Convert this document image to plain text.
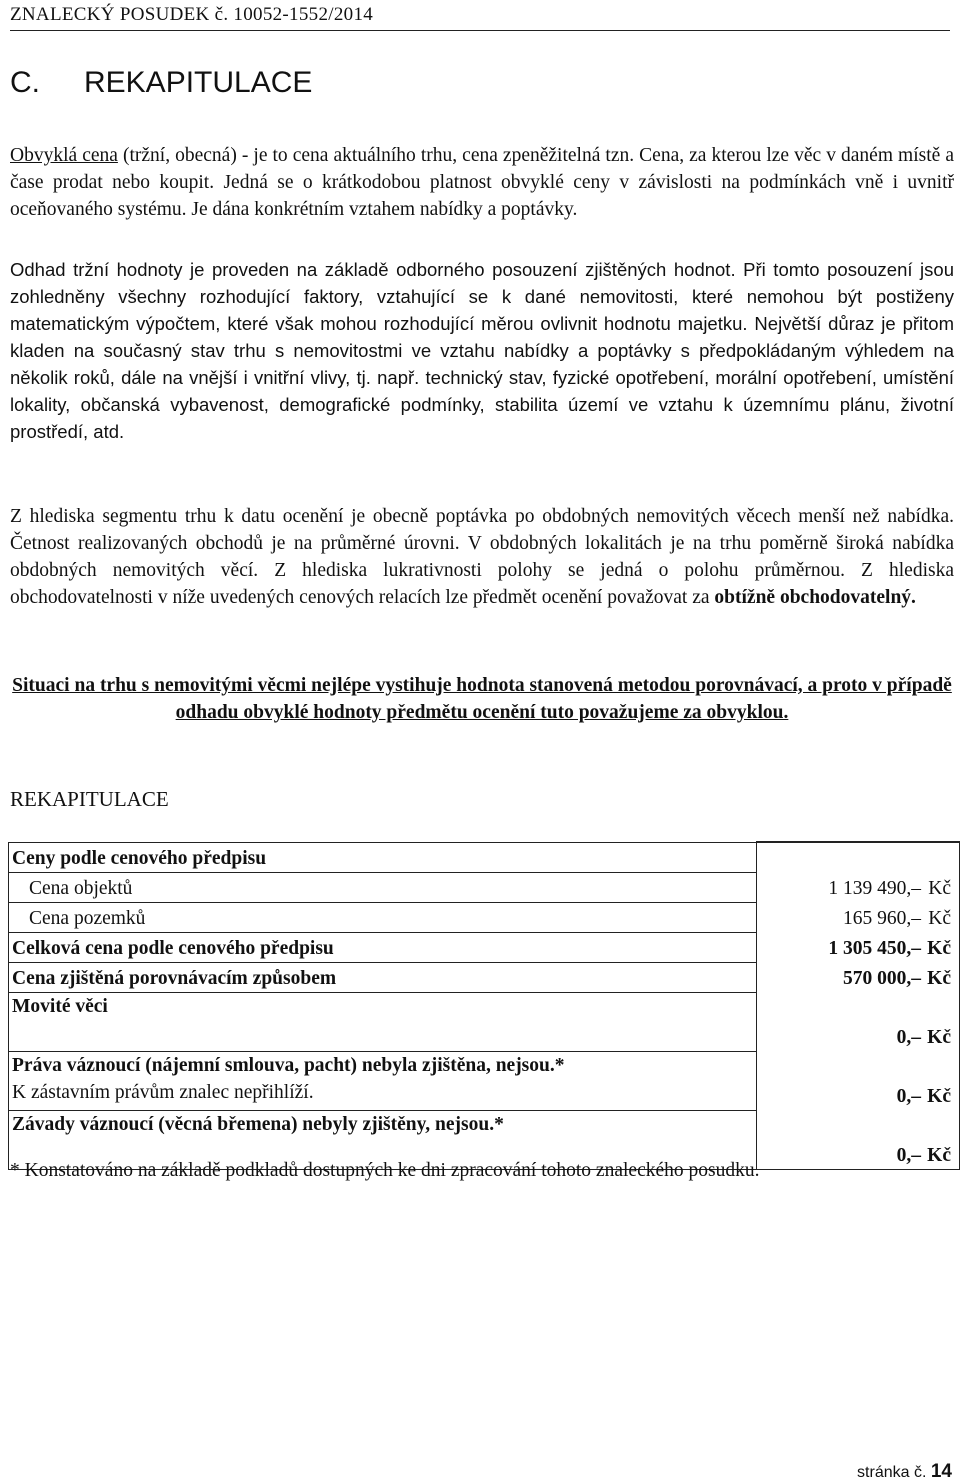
ZNALECKÝ POSUDEK č. 10052-1552/2014
C. REKAPITULACE

Obvyklá cena (tržní, obecná) - je to cena aktuálního trhu, cena zpeněžitelná tzn. Cena, za kterou lze věc v daném místě a čase prodat nebo koupit. Jedná se o krátkodobou platnost obvyklé ceny v závislosti na podmínkách vně i uvnitř oceňovaného systému. Je dána konkrétním vztahem nabídky a poptávky.

Odhad tržní hodnoty je proveden na základě odborného posouzení zjištěných hodnot. Při tomto posouzení jsou zohledněny všechny rozhodující faktory, vztahující se k dané nemovitosti, které nemohou být postiženy matematickým výpočtem, které však mohou rozhodující měrou ovlivnit hodnotu majetku. Největší důraz je přitom kladen na současný stav trhu s nemovitostmi ve vztahu nabídky a poptávky s předpokládaným výhledem na několik roků, dále na vnější i vnitřní vlivy, tj. např. technický stav, fyzické opotřebení, morální opotřebení, umístění lokality, občanská vybavenost, demografické podmínky, stabilita území ve vztahu k územnímu plánu, životní prostředí, atd.

Z hlediska segmentu trhu k datu ocenění je obecně poptávka po obdobných nemovitých věcech menší než nabídka. Četnost realizovaných obchodů je na průměrné úrovni. V obdobných lokalitách je na trhu poměrně široká nabídka obdobných nemovitých věcí. Z hlediska lukrativnosti polohy se jedná o polohu průměrnou. Z hlediska obchodovatelnosti v níže uvedených cenových relacích lze předmět ocenění považovat za obtížně obchodovatelný.

Situaci na trhu s nemovitými věcmi nejlépe vystihuje hodnota stanovená metodou porovnávací, a proto v případě odhadu obvyklé hodnoty předmětu ocenění tuto považujeme za obvyklou.

REKAPITULACE
Ceny podle cenového předpisu	
Cena objektů	1 139 490,– Kč
Cena pozemků	165 960,– Kč
Celková cena podle cenového předpisu	1 305 450,– Kč
Cena zjištěná porovnávacím způsobem	570 000,– Kč
Movité věci	0,– Kč
Práva váznoucí (nájemní smlouva, pacht) nebyla zjištěna, nejsou.*
K zástavním právům znalec nepřihlíží.	0,– Kč
Závady váznoucí (věcná břemena) nebyly zjištěny, nejsou.*	0,– Kč

* Konstatováno na základě podkladů dostupných ke dni zpracování tohoto znaleckého posudku.

stránka č. 14
